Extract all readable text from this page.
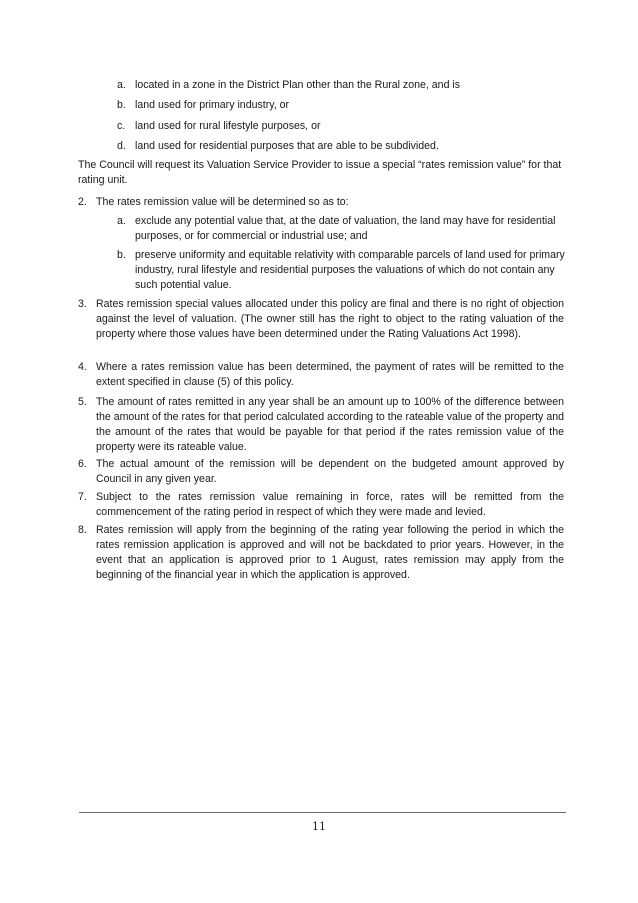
a. located in a zone in the District Plan other than the Rural zone, and is
b. land used for primary industry, or
c. land used for rural lifestyle purposes, or
d. land used for residential purposes that are able to be subdivided.
The Council will request its Valuation Service Provider to issue a special “rates remission value” for that rating unit.
2. The rates remission value will be determined so as to:
a. exclude any potential value that, at the date of valuation, the land may have for residential purposes, or for commercial or industrial use; and
b. preserve uniformity and equitable relativity with comparable parcels of land used for primary industry, rural lifestyle and residential purposes the valuations of which do not contain any such potential value.
3. Rates remission special values allocated under this policy are final and there is no right of objection against the level of valuation. (The owner still has the right to object to the rating valuation of the property where those values have been determined under the Rating Valuations Act 1998).
4. Where a rates remission value has been determined, the payment of rates will be remitted to the extent specified in clause (5) of this policy.
5. The amount of rates remitted in any year shall be an amount up to 100% of the difference between the amount of the rates for that period calculated according to the rateable value of the property and the amount of the rates that would be payable for that period if the rates remission value of the property were its rateable value.
6. The actual amount of the remission will be dependent on the budgeted amount approved by Council in any given year.
7. Subject to the rates remission value remaining in force, rates will be remitted from the commencement of the rating period in respect of which they were made and levied.
8. Rates remission will apply from the beginning of the rating year following the period in which the rates remission application is approved and will not be backdated to prior years. However, in the event that an application is approved prior to 1 August, rates remission may apply from the beginning of the financial year in which the application is approved.
11
